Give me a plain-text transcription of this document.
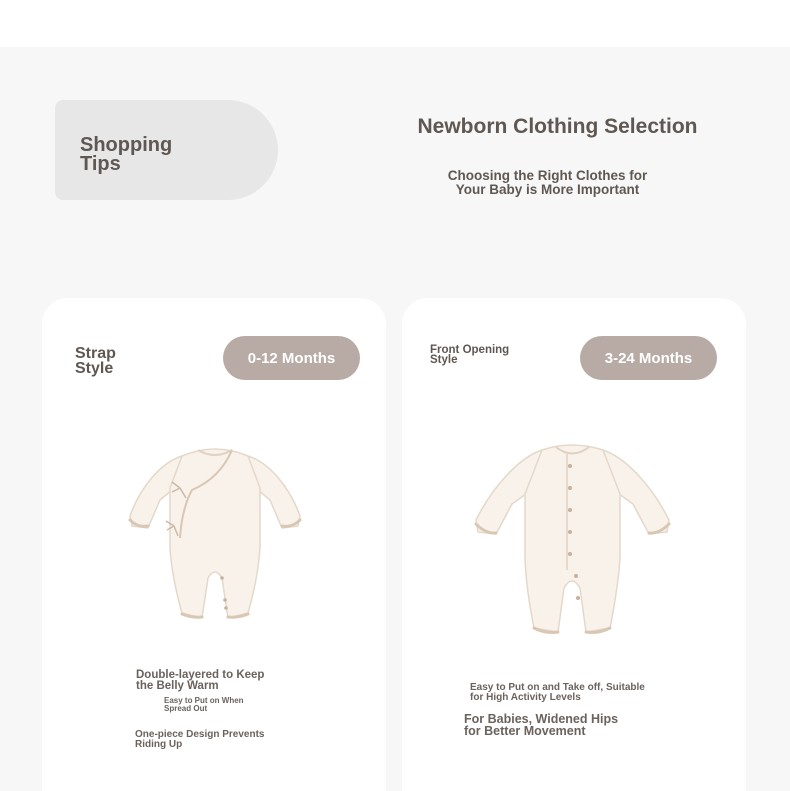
Shopping
Tips
Newborn Clothing Selection
Choosing the Right Clothes for
Your Baby is More Important
Strap
Style
0-12 Months
Double-layered to Keep
the Belly Warm
Easy to Put on When
Spread Out
One-piece Design Prevents
Riding Up
Front Opening
Style	3-24 Months
Easy to Put on and Take off, Suitable
for High Activity Levels
For Babies, Widened Hips
for Better Movement
